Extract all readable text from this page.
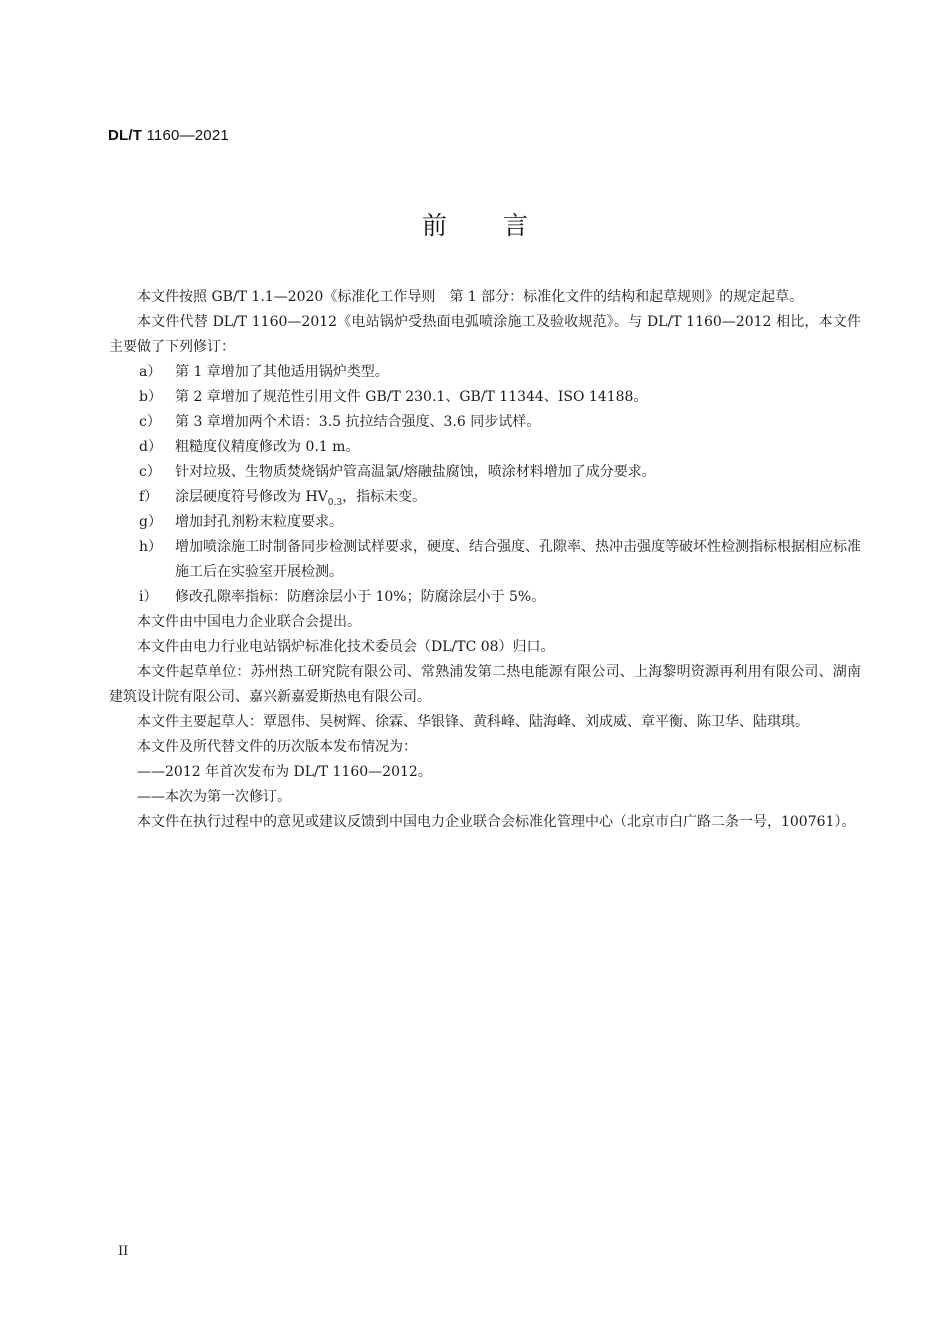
DL/T 1160—2021
前言

本文件按照 GB/T 1.1—2020《标准化工作导则　第 1 部分：标准化文件的结构和起草规则》的规定起草。

本文件代替 DL/T 1160—2012《电站锅炉受热面电弧喷涂施工及验收规范》。与 DL/T 1160—2012 相比，本文件主要做了下列修订：

a） 第 1 章增加了其他适用锅炉类型。
b） 第 2 章增加了规范性引用文件 GB/T 230.1、GB/T 11344、ISO 14188。
c）	第 3 章增加两个术语：3.5 抗拉结合强度、3.6 同步试样。
d） 粗糙度仪精度修改为 0.1 m。
c）	针对垃圾、生物质焚烧锅炉管高温氯/熔融盐腐蚀，喷涂材料增加了成分要求。
f）	涂层硬度符号修改为 $HV_{0.3}$，指标未变。
g） 增加封孔剂粉末粒度要求。
h） 增加喷涂施工时制备同步检测试样要求，硬度、结合强度、孔隙率、热冲击强度等破坏性检测指标根据相应标准施工后在实验室开展检测。
i）	修改孔隙率指标：防磨涂层小于 10%；防腐涂层小于 5%。

本文件由中国电力企业联合会提出。

本文件由电力行业电站锅炉标准化技术委员会（DL/TC 08）归口。

本文件起草单位：苏州热工研究院有限公司、常熟浦发第二热电能源有限公司、上海黎明资源再利用有限公司、湖南建筑设计院有限公司、嘉兴新嘉爱斯热电有限公司。

本文件主要起草人：覃恩伟、吴树辉、徐霖、华银锋、黄科峰、陆海峰、刘成威、章平衡、陈卫华、陆琪琪。

本文件及所代替文件的历次版本发布情况为：

——2012 年首次发布为 DL/T 1160—2012。

——本次为第一次修订。

本文件在执行过程中的意见或建议反馈到中国电力企业联合会标准化管理中心（北京市白广路二条一号，100761）。

II
